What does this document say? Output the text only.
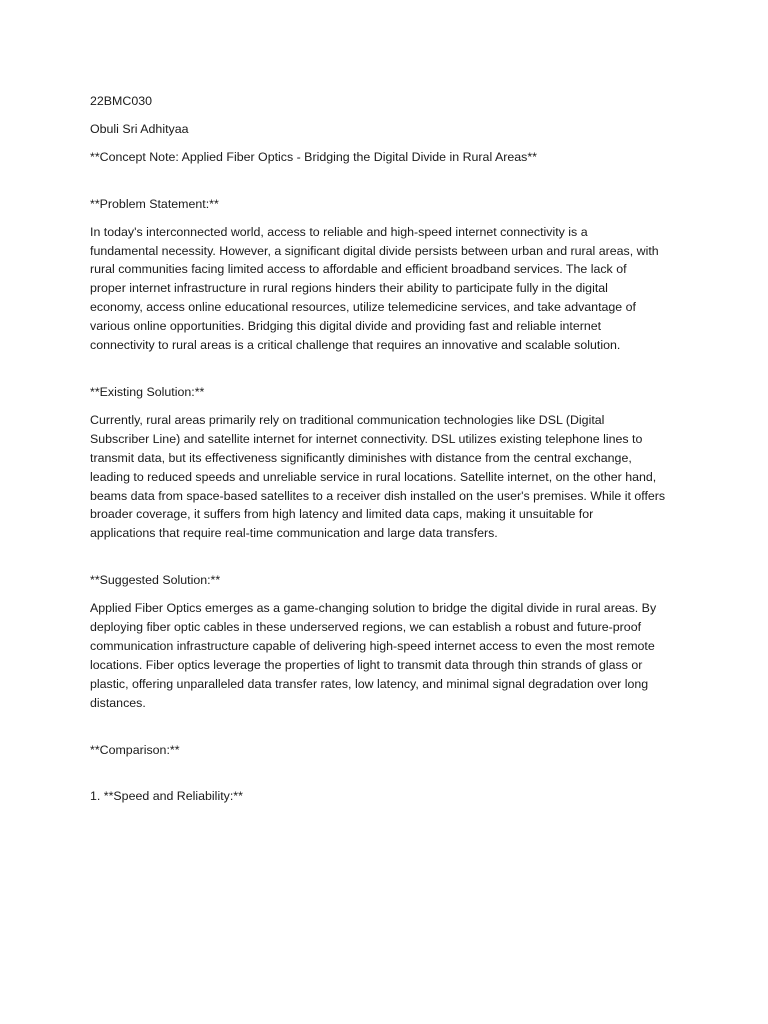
22BMC030

Obuli Sri Adhityaa

**Concept Note: Applied Fiber Optics - Bridging the Digital Divide in Rural Areas**

**Problem Statement:**

In today's interconnected world, access to reliable and high-speed internet connectivity is a
fundamental necessity. However, a significant digital divide persists between urban and rural areas, with
rural communities facing limited access to affordable and efficient broadband services. The lack of
proper internet infrastructure in rural regions hinders their ability to participate fully in the digital
economy, access online educational resources, utilize telemedicine services, and take advantage of
various online opportunities. Bridging this digital divide and providing fast and reliable internet
connectivity to rural areas is a critical challenge that requires an innovative and scalable solution.

**Existing Solution:**

Currently, rural areas primarily rely on traditional communication technologies like DSL (Digital
Subscriber Line) and satellite internet for internet connectivity. DSL utilizes existing telephone lines to
transmit data, but its effectiveness significantly diminishes with distance from the central exchange,
leading to reduced speeds and unreliable service in rural locations. Satellite internet, on the other hand,
beams data from space-based satellites to a receiver dish installed on the user's premises. While it offers
broader coverage, it suffers from high latency and limited data caps, making it unsuitable for
applications that require real-time communication and large data transfers.

**Suggested Solution:**

Applied Fiber Optics emerges as a game-changing solution to bridge the digital divide in rural areas. By
deploying fiber optic cables in these underserved regions, we can establish a robust and future-proof
communication infrastructure capable of delivering high-speed internet access to even the most remote
locations. Fiber optics leverage the properties of light to transmit data through thin strands of glass or
plastic, offering unparalleled data transfer rates, low latency, and minimal signal degradation over long
distances.

**Comparison:**

1. **Speed and Reliability:**
